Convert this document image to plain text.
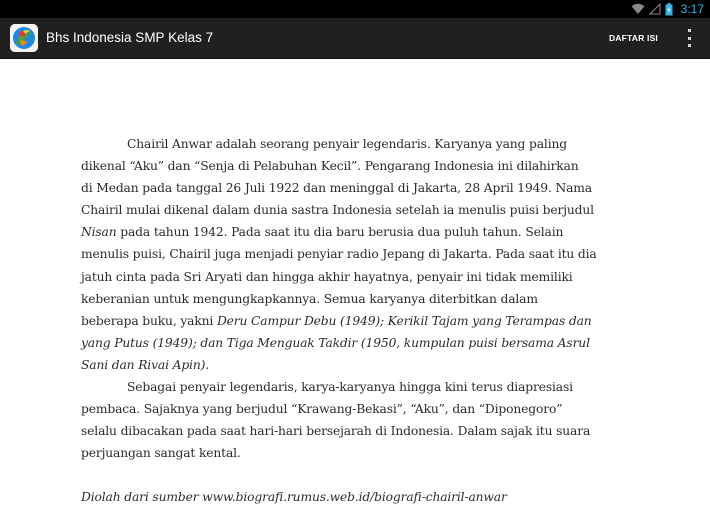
3:17
Bhs Indonesia SMP Kelas 7	DAFTAR ISI

Chairil Anwar adalah seorang penyair legendaris. Karyanya yang paling

dikenal “Aku” dan “Senja di Pelabuhan Kecil”. Pengarang Indonesia ini dilahirkan

di Medan pada tanggal 26 Juli 1922 dan meninggal di Jakarta, 28 April 1949. Nama

Chairil mulai dikenal dalam dunia sastra Indonesia setelah ia menulis puisi berjudul

Nisan pada tahun 1942. Pada saat itu dia baru berusia dua puluh tahun. Selain

menulis puisi, Chairil juga menjadi penyiar radio Jepang di Jakarta. Pada saat itu dia

jatuh cinta pada Sri Aryati dan hingga akhir hayatnya, penyair ini tidak memiliki

keberanian untuk mengungkapkannya. Semua karyanya diterbitkan dalam

beberapa buku, yakni Deru Campur Debu (1949); Kerikil Tajam yang Terampas dan

yang Putus (1949); dan Tiga Menguak Takdir (1950, kumpulan puisi bersama Asrul

Sani dan Rivai Apin).

Sebagai penyair legendaris, karya-karyanya hingga kini terus diapresiasi

pembaca. Sajaknya yang berjudul “Krawang-Bekasi”, “Aku”, dan “Diponegoro”

selalu dibacakan pada saat hari-hari bersejarah di Indonesia. Dalam sajak itu suara

perjuangan sangat kental.

Diolah dari sumber www.biografi.rumus.web.id/biografi-chairil-anwar
